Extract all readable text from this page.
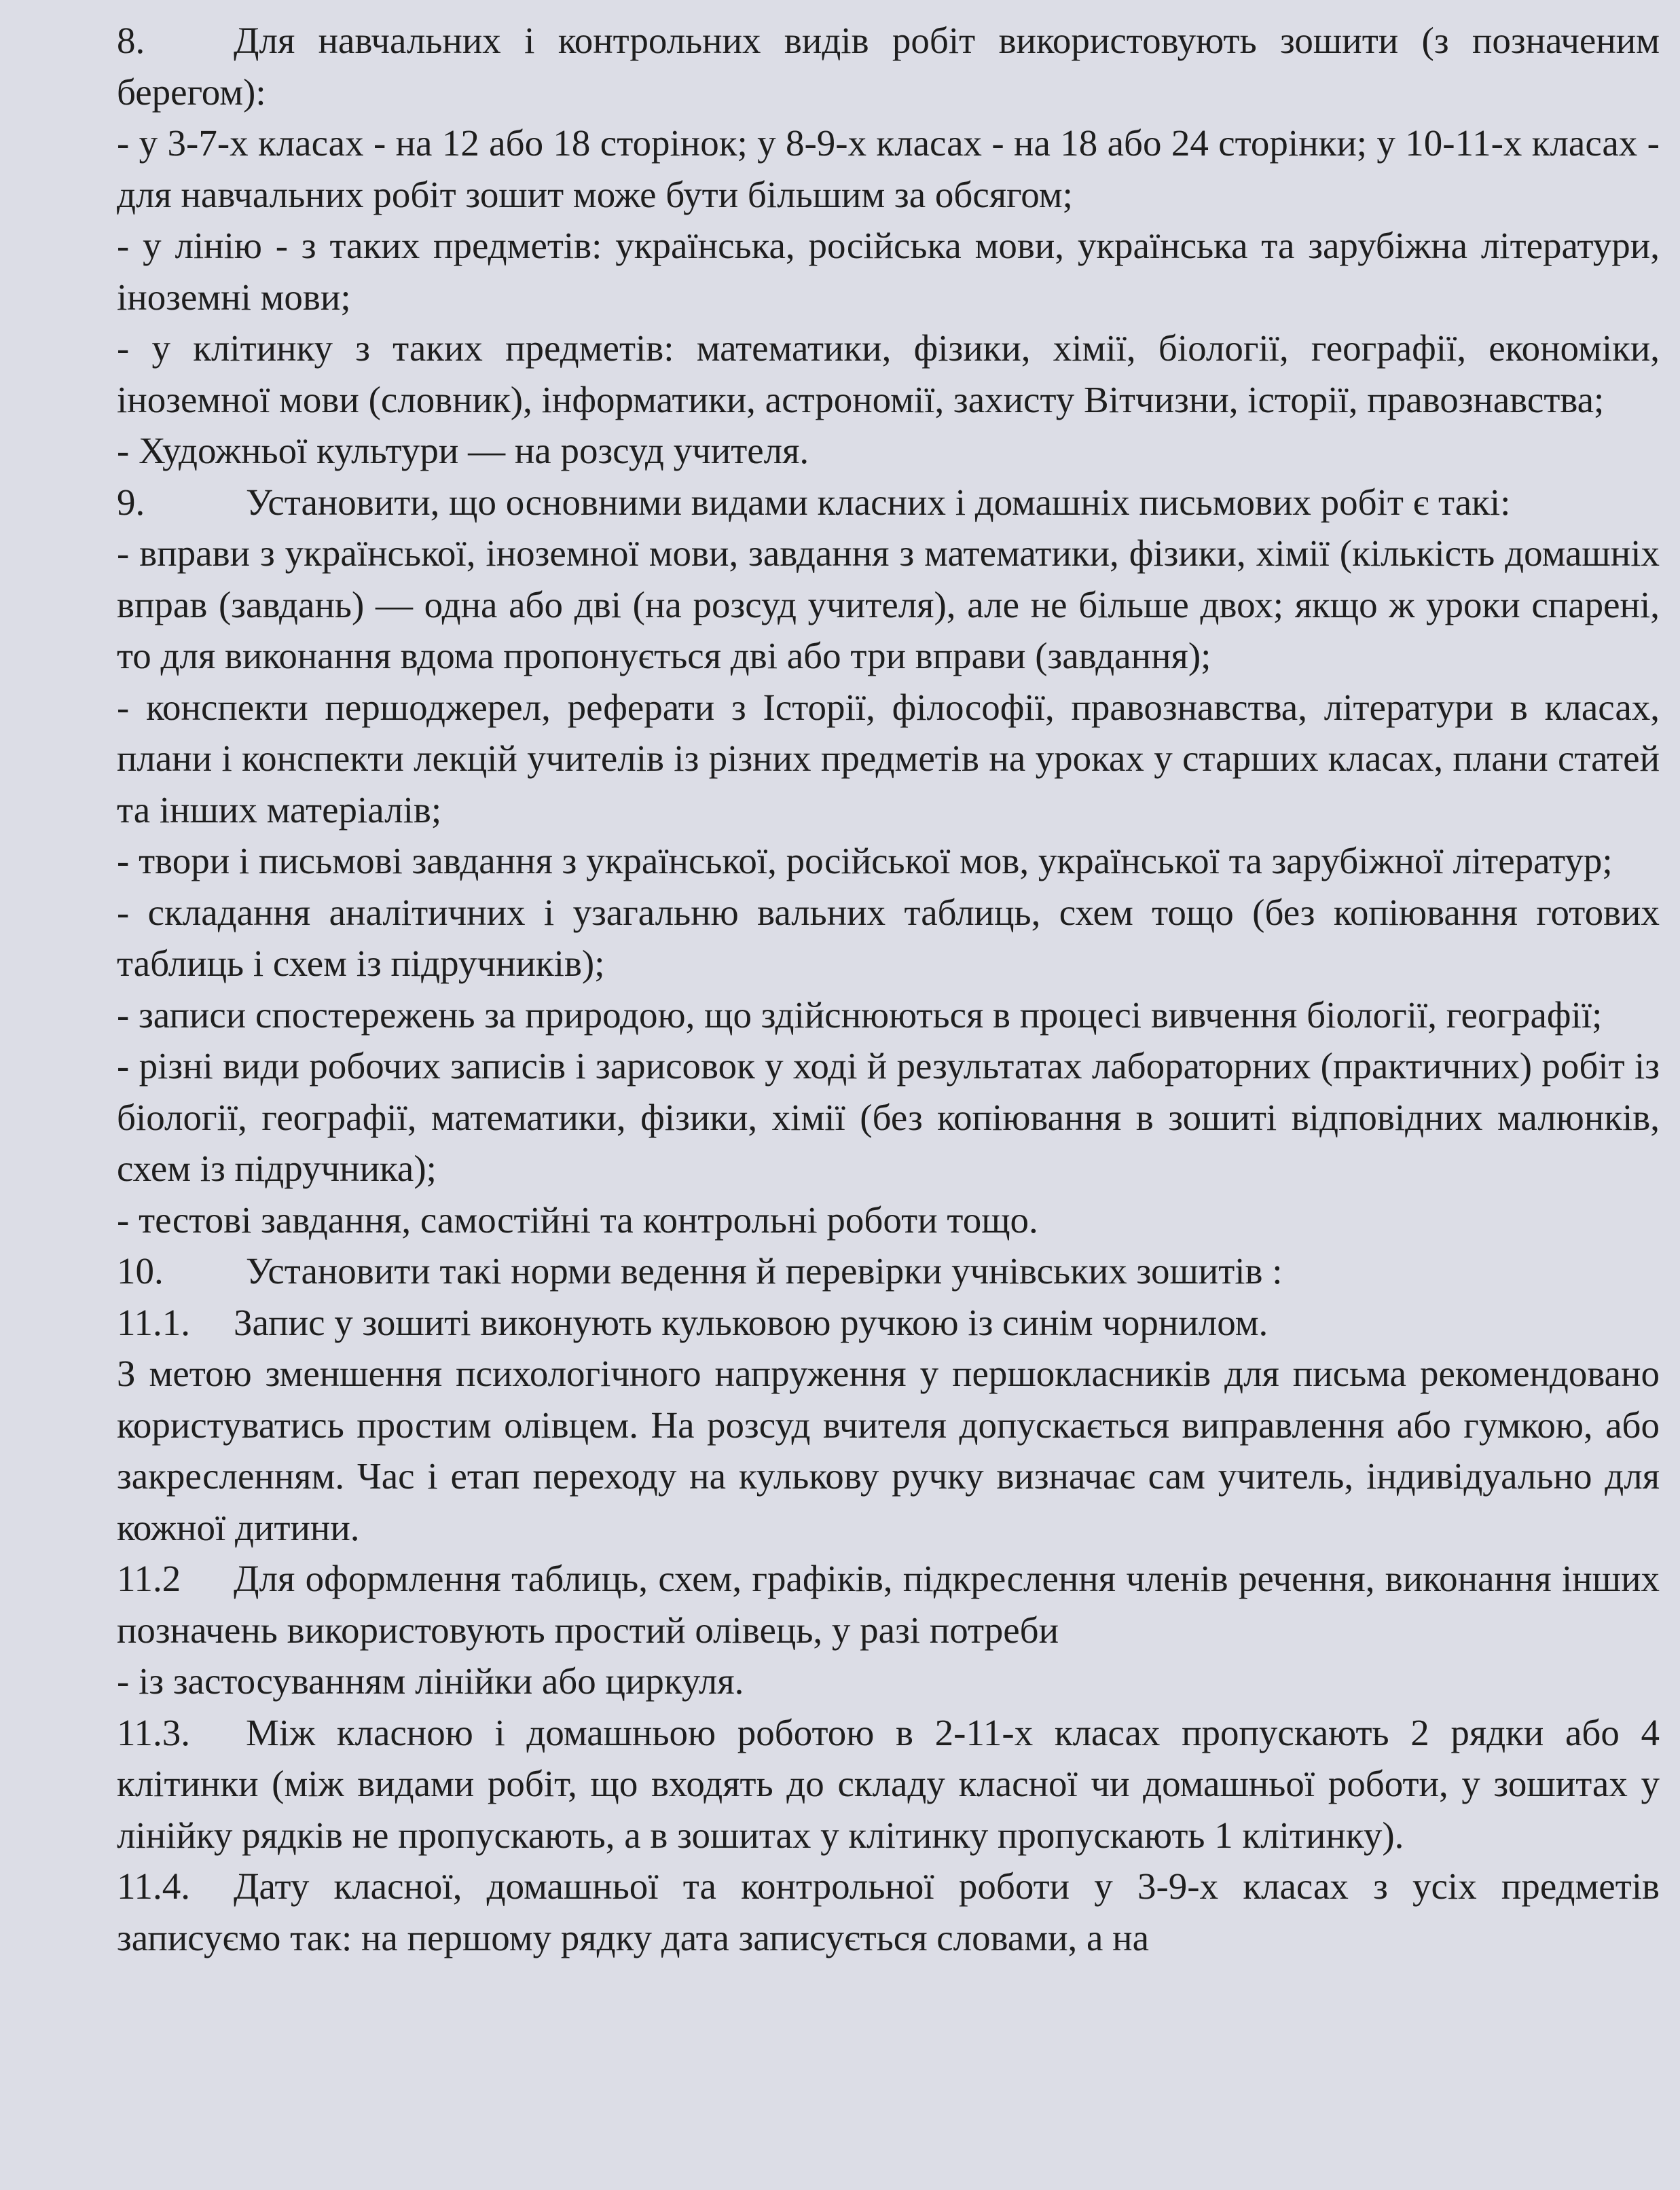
8. Для навчальних і контрольних видів робіт використовують зошити (з позначеним берегом):

- у 3-7-х класах - на 12 або 18 сторінок; у 8-9-х класах - на 18 або 24 сторінки; у 10-11-х класах - для навчальних робіт зошит може бути більшим за обсягом;

- у лінію - з таких предметів: українська, російська мови, українська та зарубіжна літератури, іноземні мови;

- у клітинку з таких предметів: математики, фізики, хімії, біології, географії, економіки, іноземної мови (словник), інформатики, астрономії, захисту Вітчизни, історії, правознавства;

- Художньої культури — на розсуд учителя.

9.	Установити, що основними видами класних і домашніх письмових робіт є такі:

- вправи з української, іноземної мови, завдання з математики, фізики, хімії (кількість домашніх вправ (завдань) — одна або дві (на розсуд учителя), але не більше двох; якщо ж уроки спарені, то для виконання вдома пропонується дві або три вправи (завдання);

- конспекти першоджерел, реферати з Історії, філософії, правознавства, літератури в класах, плани і конспекти лекцій учителів із різних предметів на уроках у старших класах, плани статей та інших матеріалів;

- твори і письмові завдання з української, російської мов, української та зарубіжної літератур;

- складання аналітичних і узагальню вальних таблиць, схем тощо (без копіювання готових таблиць і схем із підручників);

- записи спостережень за природою, що здійснюються в процесі вивчення біології, географії;

- різні види робочих записів і зарисовок у ході й результатах лабораторних (практичних) робіт із біології, географії, математики, фізики, хімії (без копіювання в зошиті відповідних малюнків, схем із підручника);

- тестові завдання, самостійні та контрольні роботи тощо.

10. Установити такі норми ведення й перевірки учнівських зошитів :

11.1. Запис у зошиті виконують кульковою ручкою із синім чорнилом.

З метою зменшення психологічного напруження у першокласників для письма рекомендовано користуватись простим олівцем. На розсуд вчителя допускається виправлення або гумкою, або закресленням. Час і етап переходу на кулькову ручку визначає сам учитель, індивідуально для кожної дитини.

11.2 Для оформлення таблиць, схем, графіків, підкреслення членів речення, виконання інших позначень використовують простий олівець, у разі потреби

- із застосуванням лінійки або циркуля.

11.3. Між класною і домашньою роботою в 2-11-х класах пропускають 2 рядки або 4 клітинки (між видами робіт, що входять до складу класної чи домашньої роботи, у зошитах у лінійку рядків не пропускають, а в зошитах у клітинку пропускають 1 клітинку).

11.4. Дату класної, домашньої та контрольної роботи у 3-9-х класах з усіх предметів записуємо так: на першому рядку дата записується словами, а на
